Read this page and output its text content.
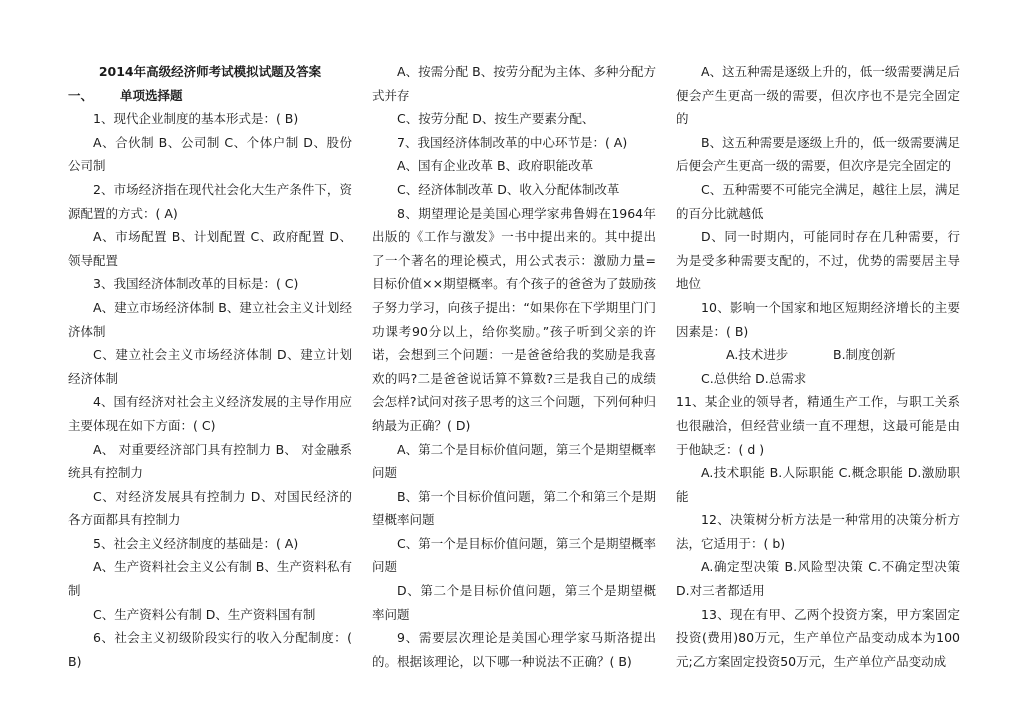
2014年高级经济师考试模拟试题及答案

一、 单项选择题

1、现代企业制度的基本形式是：( B)

A、合伙制 B、公司制 C、个体户制 D、股份公司制

2、市场经济指在现代社会化大生产条件下，资源配置的方式：( A)

A、市场配置 B、计划配置 C、政府配置 D、领导配置

3、我国经济体制改革的目标是：( C)

A、建立市场经济体制 B、建立社会主义计划经济体制

C、建立社会主义市场经济体制 D、建立计划经济体制

4、国有经济对社会主义经济发展的主导作用应主要体现在如下方面：( C)

A、 对重要经济部门具有控制力 B、 对金融系统具有控制力

C、对经济发展具有控制力 D、对国民经济的各方面都具有控制力

5、社会主义经济制度的基础是：( A)

A、生产资料社会主义公有制 B、生产资料私有制

C、生产资料公有制 D、生产资料国有制

6、社会主义初级阶段实行的收入分配制度：( B)

A、按需分配 B、按劳分配为主体、多种分配方式并存

C、按劳分配 D、按生产要素分配、

7、我国经济体制改革的中心环节是：( A)

A、国有企业改革 B、政府职能改革

C、经济体制改革 D、收入分配体制改革

8、期望理论是美国心理学家弗鲁姆在1964年出版的《工作与激发》一书中提出来的。其中提出了一个著名的理论模式，用公式表示：激励力量=目标价值××期望概率。有个孩子的爸爸为了鼓励孩子努力学习，向孩子提出：“如果你在下学期里门门功课考90分以上，给你奖励。”孩子听到父亲的许诺，会想到三个问题：一是爸爸给我的奖励是我喜欢的吗?二是爸爸说话算不算数?三是我自己的成绩会怎样?试问对孩子思考的这三个问题，下列何种归纳最为正确？( D)

A、第二个是目标价值问题，第三个是期望概率问题

B、第一个目标价值问题，第二个和第三个是期望概率问题

C、第一个是目标价值问题，第三个是期望概率问题

D、第二个是目标价值问题，第三个是期望概率问题

9、需要层次理论是美国心理学家马斯洛提出的。根据该理论，以下哪一种说法不正确？( B)

A、这五种需是逐级上升的，低一级需要满足后便会产生更高一级的需要，但次序也不是完全固定的

B、这五种需要是逐级上升的，低一级需要满足后便会产生更高一级的需要，但次序是完全固定的

C、五种需要不可能完全满足，越往上层，满足的百分比就越低

D、同一时期内，可能同时存在几种需要，行为是受多种需要支配的，不过，优势的需要居主导地位

10、影响一个国家和地区短期经济增长的主要因素是：( B)

A.技术进步	B.制度创新

C.总供给 D.总需求

11、某企业的领导者，精通生产工作，与职工关系也很融洽，但经营业绩一直不理想，这最可能是由于他缺乏：( d )

A.技术职能 B.人际职能 C.概念职能 D.激励职能

12、决策树分析方法是一种常用的决策分析方法，它适用于：( b)

A.确定型决策 B.风险型决策 C.不确定型决策 D.对三者都适用

13、现在有甲、乙两个投资方案，甲方案固定投资(费用)80万元，生产单位产品变动成本为100元;乙方案固定投资50万元，生产单位产品变动成
